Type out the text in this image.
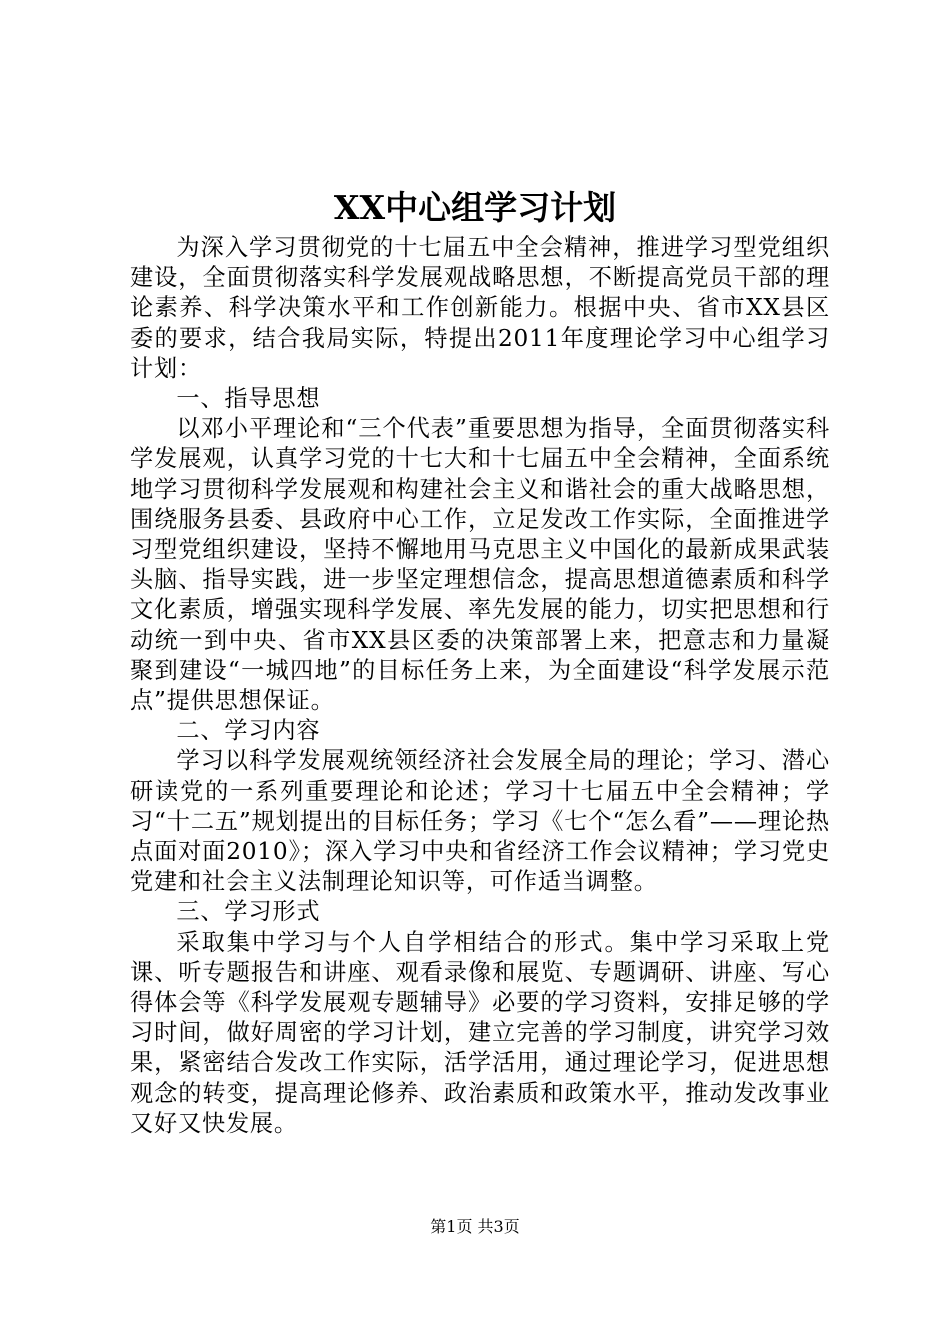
XX中心组学习计划

为深入学习贯彻党的十七届五中全会精神，推进学习型党组织建设，全面贯彻落实科学发展观战略思想，不断提高党员干部的理论素养、科学决策水平和工作创新能力。根据中央、省市XX县区委的要求，结合我局实际，特提出2011年度理论学习中心组学习计划：

一、指导思想

以邓小平理论和“三个代表”重要思想为指导，全面贯彻落实科学发展观，认真学习党的十七大和十七届五中全会精神，全面系统地学习贯彻科学发展观和构建社会主义和谐社会的重大战略思想，围绕服务县委、县政府中心工作，立足发改工作实际，全面推进学习型党组织建设，坚持不懈地用马克思主义中国化的最新成果武装头脑、指导实践，进一步坚定理想信念，提高思想道德素质和科学文化素质，增强实现科学发展、率先发展的能力，切实把思想和行动统一到中央、省市XX县区委的决策部署上来，把意志和力量凝聚到建设“一城四地”的目标任务上来，为全面建设“科学发展示范点”提供思想保证。

二、学习内容

学习以科学发展观统领经济社会发展全局的理论；学习、潜心研读党的一系列重要理论和论述；学习十七届五中全会精神；学习“十二五”规划提出的目标任务；学习《七个“怎么看”——理论热点面对面2010》；深入学习中央和省经济工作会议精神；学习党史党建和社会主义法制理论知识等，可作适当调整。

三、学习形式

采取集中学习与个人自学相结合的形式。集中学习采取上党课、听专题报告和讲座、观看录像和展览、专题调研、讲座、写心得体会等《科学发展观专题辅导》必要的学习资料，安排足够的学习时间，做好周密的学习计划，建立完善的学习制度，讲究学习效果，紧密结合发改工作实际，活学活用，通过理论学习，促进思想观念的转变，提高理论修养、政治素质和政策水平，推动发改事业又好又快发展。

第1页 共3页
